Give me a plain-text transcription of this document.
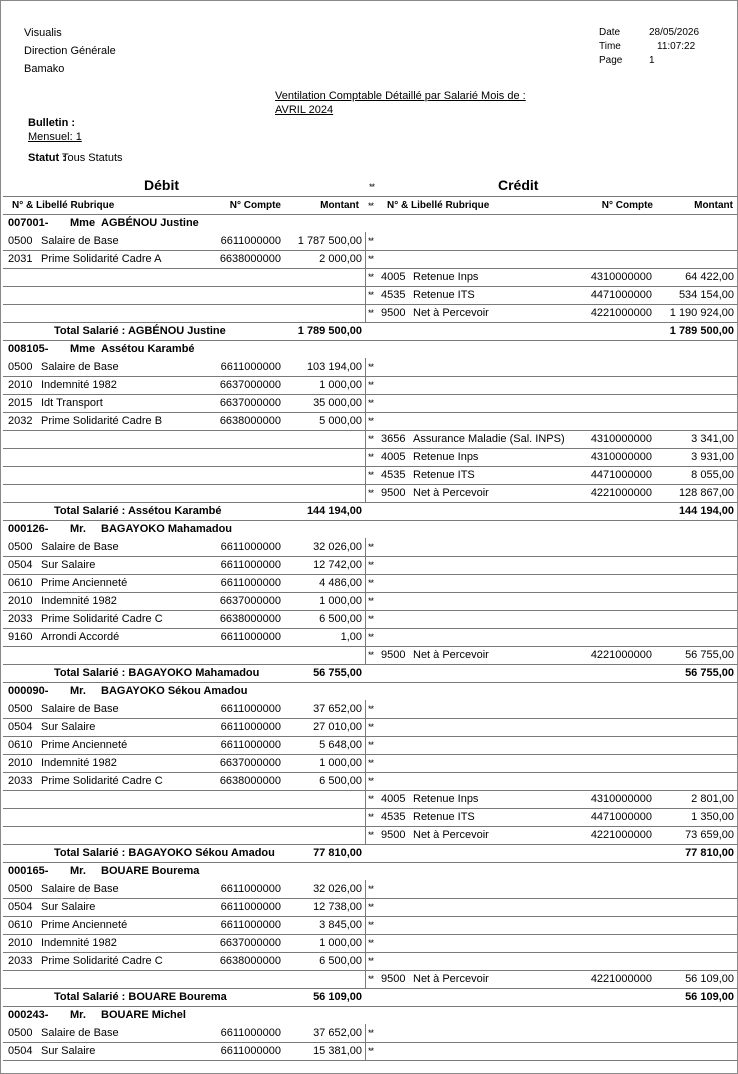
Visualis
Direction Générale
Bamako
Date	28/05/2026
Time	11:07:22
Page	1
Ventilation Comptable Détaillé par Salarié Mois de :
AVRIL 2024
Bulletin :
Mensuel: 1
Statut :
Tous Statuts
Débit	**	Crédit
N° & Libellé Rubrique	N° Compte	Montant ** N° & Libellé Rubrique	N° Compte	Montant
007001- Mme AGBÉNOU Justine
0500 Salaire de Base	6611000000	1 787 500,00 **
2031 Prime Solidarité Cadre A	6638000000	2 000,00 **
** 4005 Retenue Inps	4310000000	64 422,00
** 4535 Retenue ITS	4471000000	534 154,00
** 9500 Net à Percevoir	4221000000	1 190 924,00
Total Salarié : AGBÉNOU Justine	1 789 500,00	1 789 500,00
008105- Mme Assétou Karambé
0500 Salaire de Base	6611000000	103 194,00 **
2010 Indemnité 1982	6637000000	1 000,00 **
2015 Idt Transport	6637000000	35 000,00 **
2032 Prime Solidarité Cadre B	6638000000	5 000,00 **
** 3656 Assurance Maladie (Sal. INPS)	4310000000	3 341,00
** 4005 Retenue Inps	4310000000	3 931,00
** 4535 Retenue ITS	4471000000	8 055,00
** 9500 Net à Percevoir	4221000000	128 867,00
Total Salarié : Assétou Karambé	144 194,00	144 194,00
000126- Mr. BAGAYOKO Mahamadou
0500 Salaire de Base	6611000000	32 026,00 **
0504 Sur Salaire	6611000000	12 742,00 **
0610 Prime Ancienneté	6611000000	4 486,00 **
2010 Indemnité 1982	6637000000	1 000,00 **
2033 Prime Solidarité Cadre C	6638000000	6 500,00 **
9160 Arrondi Accordé	6611000000	1,00 **
** 9500 Net à Percevoir	4221000000	56 755,00
Total Salarié : BAGAYOKO Mahamadou	56 755,00	56 755,00
000090- Mr. BAGAYOKO Sékou Amadou
0500 Salaire de Base	6611000000	37 652,00 **
0504 Sur Salaire	6611000000	27 010,00 **
0610 Prime Ancienneté	6611000000	5 648,00 **
2010 Indemnité 1982	6637000000	1 000,00 **
2033 Prime Solidarité Cadre C	6638000000	6 500,00 **
** 4005 Retenue Inps	4310000000	2 801,00
** 4535 Retenue ITS	4471000000	1 350,00
** 9500 Net à Percevoir	4221000000	73 659,00
Total Salarié : BAGAYOKO Sékou Amadou	77 810,00	77 810,00
000165- Mr. BOUARE Bourema
0500 Salaire de Base	6611000000	32 026,00 **
0504 Sur Salaire	6611000000	12 738,00 **
0610 Prime Ancienneté	6611000000	3 845,00 **
2010 Indemnité 1982	6637000000	1 000,00 **
2033 Prime Solidarité Cadre C	6638000000	6 500,00 **
** 9500 Net à Percevoir	4221000000	56 109,00
Total Salarié : BOUARE Bourema	56 109,00	56 109,00
000243- Mr. BOUARE Michel
0500 Salaire de Base	6611000000	37 652,00 **
0504 Sur Salaire	6611000000	15 381,00 **
